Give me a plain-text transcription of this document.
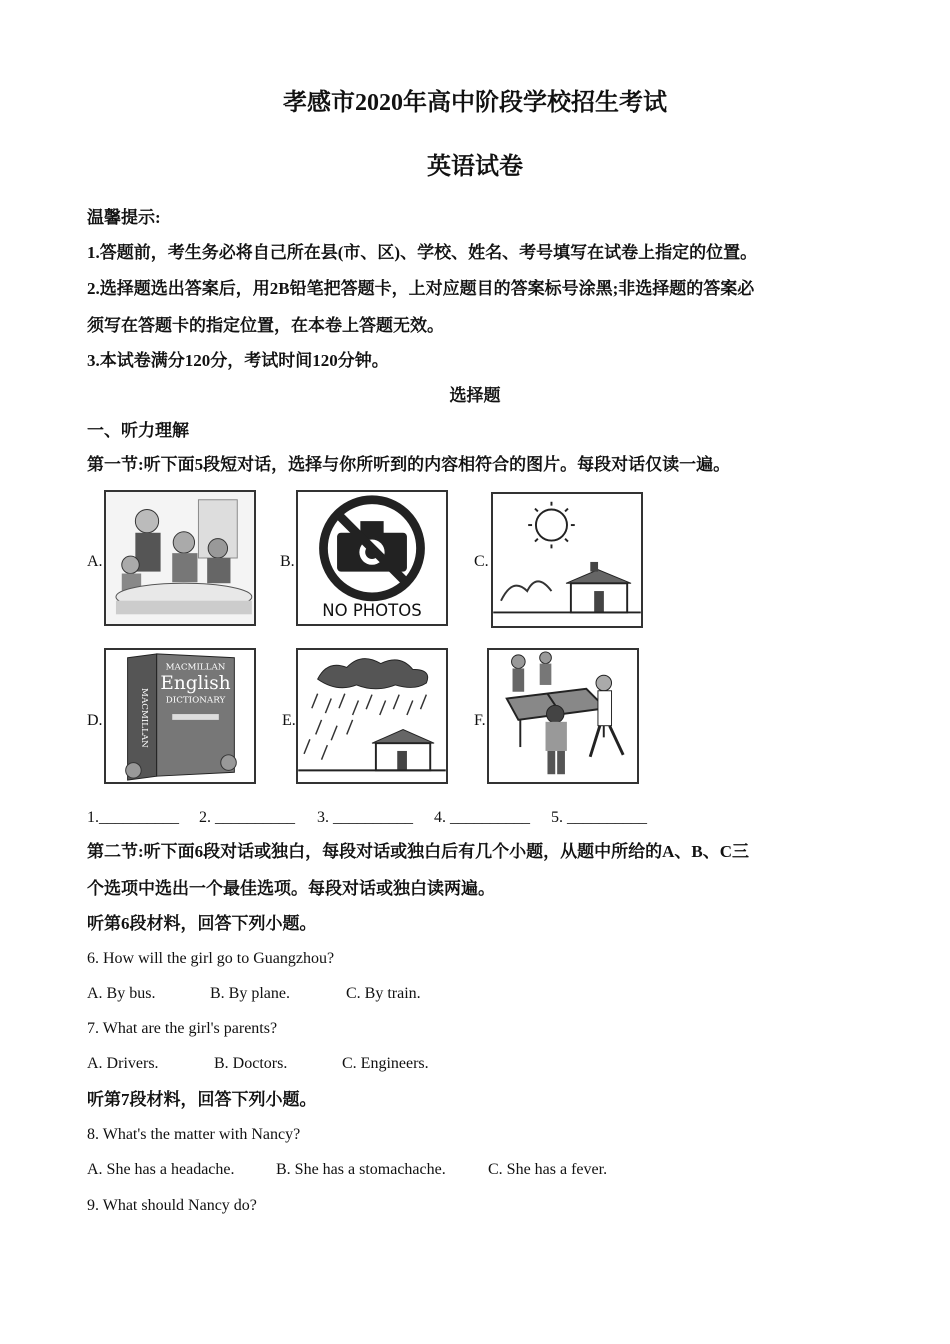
孝感市2020年高中阶段学校招生考试
英语试卷
温馨提示:
1.答题前，考生务必将自己所在县(市、区)、学校、姓名、考号填写在试卷上指定的位置。
2.选择题选出答案后，用2B铅笔把答题卡，上对应题目的答案标号涂黑;非选择题的答案必
须写在答题卡的指定位置，在本卷上答题无效。
3.本试卷满分120分，考试时间120分钟。
选择题
一、听力理解
第一节:听下面5段短对话，选择与你所听到的内容相符合的图片。每段对话仅读一遍。
A.	B.
NO PHOTOS
C.
D.
MACMILLAN
English
DICTIONARY
MACMILLAN	E.	F.
1.__________ 2. __________ 3. __________ 4. __________ 5. __________
第二节:听下面6段对话或独白，每段对话或独白后有几个小题，从题中所给的A、B、C三
个选项中选出一个最佳选项。每段对话或独白读两遍。
听第6段材料，回答下列小题。
6. How will the girl go to Guangzhou?
A. By bus.	B. By plane.	C. By train.
7. What are the girl's parents?
A. Drivers.	B. Doctors.	C. Engineers.
听第7段材料，回答下列小题。
8. What's the matter with Nancy?
A. She has a headache.	B. She has a stomachache.	C. She has a fever.
9. What should Nancy do?
